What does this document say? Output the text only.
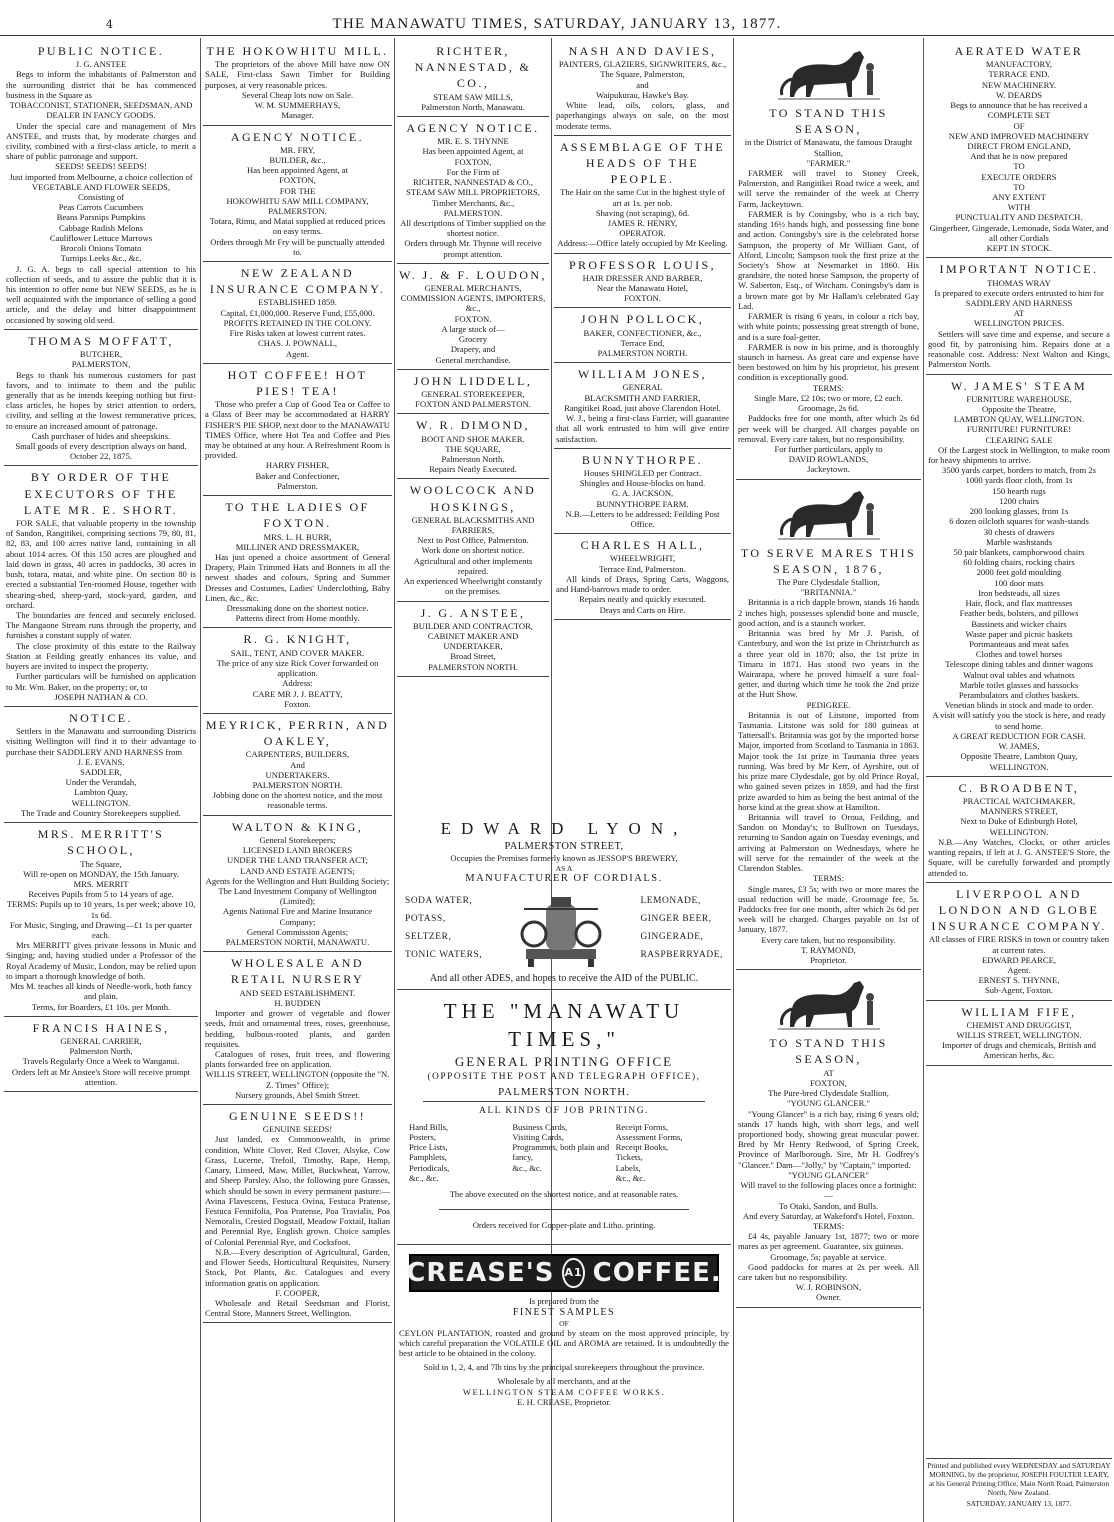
4	THE MANAWATU TIMES, SATURDAY, JANUARY 13, 1877.
PUBLIC NOTICE.
J. G. ANSTEE
Begs to inform the inhabitants of Palmerston and the surrounding district that he has commenced business in the Square as
TOBACCONIST, STATIONER, SEEDSMAN, AND DEALER IN FANCY GOODS.
Under the special care and management of Mrs ANSTEE, and trusts that, by moderate charges and civility, combined with a first-class article, to merit a share of public patronage and support.
SEEDS! SEEDS! SEEDS!
Just imported from Melbourne, a choice collection of
VEGETABLE AND FLOWER SEEDS,
Consisting of
Peas Carrots Cucumbers
Beans Parsnips Pumpkins
Cabbage Radish Melons
Cauliflower Lettuce Marrows
Brocoli Onions Tomato
Turnips Leeks &c., &c.
J. G. A. begs to call special attention to his collection of seeds, and to assure the public that it is his intention to offer none but NEW SEEDS, as he is well acquainted with the importance of selling a good article, and the delay and bitter disappointment occasioned by sowing old seed.
THOMAS MOFFATT,
BUTCHER,
PALMERSTON,
Begs to thank his numerous customers for past favors, and to intimate to them and the public generally that as he intends keeping nothing but first-class articles, he hopes by strict attention to orders, civility, and selling at the lowest remunerative prices, to ensure an increased amount of patronage.
Cash purchaser of hides and sheepskins.
Small goods of every description always on hand.
October 22, 1875.
BY ORDER OF THE EXECUTORS OF THE LATE MR. E. SHORT.
FOR SALE, that valuable property in the township of Sandon, Rangitikei, comprising sections 79, 80, 81, 82, 83, and 100 acres native land, containing in all about 1014 acres. Of this 150 acres are ploughed and laid down in grass, 40 acres in paddocks, 30 acres in bush, totara, matai, and white pine. On section 80 is erected a substantial Ten-roomed House, together with shearing-shed, sheep-yard, stock-yard, garden, and orchard.
The boundaries are fenced and securely enclosed. The Mangaone Stream runs through the property, and furnishes a constant supply of water.
The close proximity of this estate to the Railway Station at Feilding greatly enhances its value, and buyers are invited to inspect the property.
Further particulars will be furnished on application to Mr. Wm. Baker, on the property; or, to
JOSEPH NATHAN & CO.
NOTICE.
Settlers in the Manawatu and surrounding Districts visiting Wellington will find it to their advantage to purchase their SADDLERY AND HARNESS from
J. E. EVANS,
SADDLER,
Under the Verandah,
Lambton Quay,
WELLINGTON.
The Trade and Country Storekeepers supplied.
MRS. MERRITT'S SCHOOL,
The Square,
Will re-open on MONDAY, the 15th January.
MRS. MERRIT
Receives Pupils from 5 to 14 years of age.
TERMS: Pupils up to 10 years, 1s per week; above 10, 1s 6d.
For Music, Singing, and Drawing—£1 1s per quarter each.
Mrs MERRITT gives private lessons in Music and Singing; and, having studied under a Professor of the Royal Academy of Music, London, may be relied upon to impart a thorough knowledge of both.
Mrs M. teaches all kinds of Needle-work, both fancy and plain.
Terms, for Boarders, £1 10s. per Month.
FRANCIS HAINES,
GENERAL CARRIER,
Palmerston North,
Travels Regularly Once a Week to Wanganui.
Orders left at Mr Anstee's Store will receive prompt attention.
THE HOKOWHITU MILL.
The proprietors of the above Mill have now ON SALE, First-class Sawn Timber for Building purposes, at very reasonable prices.
Several Cheap lots now on Sale.
W. M. SUMMERHAYS,
Manager.
AGENCY NOTICE.
MR. FRY,
BUILDER, &c.,
Has been appointed Agent, at
FOXTON,
FOR THE
HOKOWHITU SAW MILL COMPANY,
PALMERSTON.
Totara, Rimu, and Matai supplied at reduced prices on easy terms.
Orders through Mr Fry will be punctually attended to.
NEW ZEALAND INSURANCE COMPANY.
ESTABLISHED 1859.
Capital, £1,000,000. Reserve Fund, £55,000.
PROFITS RETAINED IN THE COLONY.
Fire Risks taken at lowest current rates.
CHAS. J. POWNALL,
Agent.
HOT COFFEE! HOT PIES! TEA!
Those who prefer a Cup of Good Tea or Coffee to a Glass of Beer may be accommodated at HARRY FISHER'S PIE SHOP, next door to the MANAWATU TIMES Office, where Hot Tea and Coffee and Pies may be obtained at any hour. A Refreshment Room is provided.
HARRY FISHER,
Baker and Confectioner,
Palmerston.
TO THE LADIES OF FOXTON.
MRS. L. H. BURR,
MILLINER AND DRESSMAKER,
Has just opened a choice assortment of General Drapery, Plain Trimmed Hats and Bonnets in all the newest shades and colours, Spring and Summer Dresses and Costumes, Ladies' Underclothing, Baby Linen, &c., &c.
Dressmaking done on the shortest notice.
Patterns direct from Home monthly.
R. G. KNIGHT,
SAIL, TENT, AND COVER MAKER.
The price of any size Rick Cover forwarded on application.
Address:
CARE MR J. J. BEATTY,
Foxton.
MEYRICK, PERRIN, AND OAKLEY,
CARPENTERS, BUILDERS,
And
UNDERTAKERS.
PALMERSTON NORTH.
Jobbing done on the shortest notice, and the most reasonable terms.
WALTON & KING,
General Storekeepers;
LICENSED LAND BROKERS
UNDER THE LAND TRANSFER ACT;
LAND AND ESTATE AGENTS;
Agents for the Wellington and Hutt Building Society;
The Land Investment Company of Wellington (Limited);
Agents National Fire and Marine Insurance Company;
General Commission Agents;
PALMERSTON NORTH, MANAWATU.
WHOLESALE AND RETAIL NURSERY
AND SEED ESTABLISHMENT.
H. BUDDEN
Importer and grower of vegetable and flower seeds, fruit and ornamental trees, roses, greenhouse, bedding, bulbous-rooted plants, and garden requisites.
Catalogues of roses, fruit trees, and flowering plants forwarded free on application.
WILLIS STREET, WELLINGTON (opposite the "N. Z. Times" Office);
Nursery grounds, Abel Smith Street.
GENUINE SEEDS!!
GENUINE SEEDS!
Just landed, ex Commonwealth, in prime condition, White Clover, Red Clover, Alsyke, Cow Grass, Lucerne, Trefoil, Timothy, Rape, Hemp, Canary, Linseed, Maw, Millet, Buckwheat, Yarrow, and Sheep Parsley. Also, the following pure Grasses, which should be sown in every permanent pasture:—Avina Flavescens, Festuca Ovina, Festuca Pratense, Festuca Fennifolia, Poa Pratense, Poa Travialis, Poa Nemoralis, Crested Dogstail, Meadow Foxtail, Italian and Perennial Rye, English grown. Choice samples of Colonial Perennial Rye, and Cocksfoot.
N.B.—Every description of Agricultural, Garden, and Flower Seeds, Horticultural Requisites, Nursery Stock, Pot Plants, &c. Catalogues and every information gratis on application.
F. COOPER,
Wholesale and Retail Seedsman and Florist, Central Store, Manners Street, Wellington.
RICHTER, NANNESTAD, & CO.,
STEAM SAW MILLS,
Palmerston North, Manawatu.
AGENCY NOTICE.
MR. E. S. THYNNE
Has been appointed Agent, at
FOXTON,
For the Firm of
RICHTER, NANNESTAD & CO.,
STEAM SAW MILL PROPRIETORS,
Timber Merchants, &c.,
PALMERSTON.
All descriptions of Timber supplied on the shortest notice.
Orders through Mr. Thynne will receive prompt attention.
W. J. & F. LOUDON,
GENERAL MERCHANTS,
COMMISSION AGENTS, IMPORTERS, &c.,
FOXTON.
A large stock of—
Grocery
Drapery, and
General merchandise.
JOHN LIDDELL,
GENERAL STOREKEEPER,
FOXTON AND PALMERSTON.
W. R. DIMOND,
BOOT AND SHOE MAKER.
THE SQUARE,
Palmerston North.
Repairs Neatly Executed.
WOOLCOCK AND HOSKINGS,
GENERAL BLACKSMITHS AND FARRIERS,
Next to Post Office, Palmerston.
Work done on shortest notice.
Agricultural and other implements repaired.
An experienced Wheelwright constantly on the premises.
J. G. ANSTEE,
BUILDER AND CONTRACTOR,
CABINET MAKER AND UNDERTAKER,
Broad Street,
PALMERSTON NORTH.
NASH AND DAVIES,
PAINTERS, GLAZIERS, SIGNWRITERS, &c.,
The Square, Palmerston,
and
Waipukurau, Hawke's Bay.
White lead, oils, colors, glass, and paperhangings always on sale, on the most moderate terms.
ASSEMBLAGE OF THE HEADS OF THE PEOPLE.
The Hair on the same Cut in the highest style of art at 1s. per nob.
Shaving (not scraping), 6d.
JAMES R. HENRY,
OPERATOR.
Address:—Office lately occupied by Mr Keeling.
PROFESSOR LOUIS,
HAIR DRESSER AND BARBER,
Near the Manawatu Hotel,
FOXTON.
JOHN POLLOCK,
BAKER, CONFECTIONER, &c.,
Terrace End,
PALMERSTON NORTH.
WILLIAM JONES,
GENERAL
BLACKSMITH AND FARRIER,
Rangitikei Road, just above Clarendon Hotel.
W. J., being a first-class Farrier, will guarantee that all work entrusted to him will give entire satisfaction.
BUNNYTHORPE.
Houses SHINGLED per Contract.
Shingles and House-blocks on hand.
G. A. JACKSON,
BUNNYTHORPE FARM.
N.B.—Letters to be addressed: Feilding Post Office.
CHARLES HALL,
WHEELWRIGHT,
Terrace End, Palmerston.
All kinds of Drays, Spring Carts, Waggons, and Hand-barrows made to order.
Repairs neatly and quickly executed.
Drays and Carts on Hire.
EDWARD LYON,
PALMERSTON STREET,
Occupies the Premises formerly known as JESSOP'S BREWERY,
AS A
MANUFACTURER OF CORDIALS.
SODA WATER,
POTASS,
SELTZER,
TONIC WATERS,
LEMONADE,
GINGER BEER,
GINGERADE,
RASPBERRYADE,
And all other ADES, and hopes to receive the AID of the PUBLIC.
THE "MANAWATU TIMES,"
GENERAL PRINTING OFFICE
(OPPOSITE THE POST AND TELEGRAPH OFFICE),
PALMERSTON NORTH.
ALL KINDS OF JOB PRINTING.
Hand Bills,
Posters,
Price Lists,
Pamphlets,
Periodicals,
&c., &c.
Business Cards,
Visiting Cards,
Programmes, both plain and fancy,
&c., &c.
Receipt Forms,
Assessment Forms,
Receipt Books,
Tickets,
Labels,
&c., &c.
The above executed on the shortest notice, and at reasonable rates.
Orders received for Copper-plate and Litho. printing.
CREASE'S A1 COFFEE.
Is prepared from the
FINEST SAMPLES
OF
CEYLON PLANTATION, roasted and ground by steam on the most approved principle, by which careful preparation the VOLATILE OIL and AROMA are retained. It is undoubtedly the best article to be obtained in the colony.
Sold in 1, 2, 4, and 7lb tins by the principal storekeepers throughout the province.
Wholesale by all merchants, and at the
WELLINGTON STEAM COFFEE WORKS.
E. H. CREASE, Proprietor.
TO STAND THIS SEASON,
in the District of Manawatu, the famous Draught Stallion,
"FARMER."
FARMER will travel to Stoney Creek, Palmerston, and Rangitikei Road twice a week, and will serve the remainder of the week at Cherry Farm, Jackeytown.
FARMER is by Coningsby, who is a rich bay, standing 16½ hands high, and possessing fine bone and action. Coningsby's sire is the celebrated horse Sampson, the property of Mr William Gant, of Alford, Lincoln; Sampson took the first prize at the Society's Show at Newmarket in 1860. His grandsire, the noted horse Sampson, the property of W. Saberton, Esq., of Witcham. Coningsby's dam is a brown mare got by Mr Hallam's celebrated Gay Lad.
FARMER is rising 6 years, in colour a rich bay, with white points; possessing great strength of bone, and is a sure foal-getter.
FARMER is now in his prime, and is thoroughly staunch in harness. As great care and expense have been bestowed on him by his proprietor, his present condition is exceptionally good.
TERMS:
Single Mare, £2 10s; two or more, £2 each. Groomage, 2s 6d.
Paddocks free for one month, after which 2s 6d per week will be charged. All charges payable on removal. Every care taken, but no responsibility.
For further particulars, apply to
DAVID ROWLANDS,
Jackeytown.
TO SERVE MARES THIS SEASON, 1876,
The Pure Clydesdale Stallion,
"BRITANNIA."
Britannia is a rich dapple brown, stands 16 hands 2 inches high, possesses splendid bone and muscle, good action, and is a staunch worker.
Britannia was bred by Mr J. Parish, of Canterbury, and won the 1st prize in Christchurch as a three year old in 1870; also, the 1st prize in Timaru in 1871. Has stood two years in the Wairarapa, where he proved himself a sure foal-getter, and during which time he took the 2nd prize at the Hutt Show.
PEDIGREE.
Britannia is out of Litstone, imported from Tasmania. Litstone was sold for 180 guineas at Tattersall's. Britannia was got by the imported horse Major, imported from Scotland to Tasmania in 1863. Major took the 1st prize in Tasmania three years running. Was bred by Mr Kerr, of Ayrshire, out of his prize mare Clydesdale, got by old Prince Royal, who gained seven prizes in 1859, and had the first prize awarded to him as being the best animal of the horse kind at the great show at Hamilton.
Britannia will travel to Oroua, Feilding, and Sandon on Monday's; to Bulltown on Tuesdays, returning to Sandon again on Tuesday evenings, and arriving at Palmerston on Wednesdays, where he will serve for the remainder of the week at the Clarendon Stables.
TERMS:
Single mares, £3 5s; with two or more mares the usual reduction will be made. Groomage fee, 5s. Paddocks free for one month, after which 2s 6d per week will be charged. Charges payable on 1st of January, 1877.
Every care taken, but no responsibility.
T. RAYMOND,
Proprietor.
TO STAND THIS SEASON,
AT
FOXTON,
The Pure-bred Clydesdale Stallion,
"YOUNG GLANCER."
"Young Glancer" is a rich bay, rising 6 years old; stands 17 hands high, with short legs, and well proportioned body, showing great muscular power. Bred by Mr Henry Redwood, of Spring Creek, Province of Marlborough. Sire, Mr H. Godfrey's "Glancer." Dam—"Jolly," by "Captain," imported.
"YOUNG GLANCER"
Will travel to the following places once a fortnight:—
To Otaki, Sandon, and Bulls.
And every Saturday, at Wakeford's Hotel, Foxton.
TERMS:
£4 4s, payable January 1st, 1877; two or more mares as per agreement. Guarantee, six guineas.
Groomage, 5s; payable at service.
Good paddocks for mares at 2s per week. All care taken but no responsibility.
W. J. ROBINSON,
Owner.
AERATED WATER
MANUFACTORY,
TERRACE END.
NEW MACHINERY.
W. DEARDS
Begs to announce that he has received a
COMPLETE SET
OF
NEW AND IMPROVED MACHINERY
DIRECT FROM ENGLAND,
And that he is now prepared
TO
EXECUTE ORDERS
TO
ANY EXTENT
WITH
PUNCTUALITY AND DESPATCH.
Gingerbeer, Gingerade, Lemonade, Soda Water, and all other Cordials
KEPT IN STOCK.
IMPORTANT NOTICE.
THOMAS WRAY
Is prepared to execute orders entrusted to him for
SADDLERY AND HARNESS
AT
WELLINGTON PRICES.
Settlers will save time and expense, and secure a good fit, by patronising him. Repairs done at a reasonable cost. Address: Next Walton and Kings, Palmerston North.
W. JAMES' STEAM
FURNITURE WAREHOUSE,
Opposite the Theatre,
LAMBTON QUAY, WELLINGTON.
FURNITURE! FURNITURE!
CLEARING SALE
Of the Largest stock in Wellington, to make room for heavy shipments to arrive.
3500 yards carpet, borders to match, from 2s
1000 yards floor cloth, from 1s
150 hearth rugs
1200 chairs
200 looking glasses, from 1s
6 dozen oilcloth squares for wash-stands
30 chests of drawers
Marble washstands
50 pair blankets, camphorwood chairs
60 folding chairs, rocking chairs
2000 feet gold moulding
100 door mats
Iron bedsteads, all sizes
Hair, flock, and flax mattresses
Feather beds, bolsters, and pillows
Bassinets and wicker chairs
Waste paper and picnic baskets
Portmanteaus and meat safes
Clothes and towel horses
Telescope dining tables and dinner wagons
Walnut oval tables and whatnots
Marble toilet glasses and hassocks
Perambulators and clothes baskets.
Venetian blinds in stock and made to order.
A visit will satisfy you the stock is here, and ready to send home.
A GREAT REDUCTION FOR CASH.
W. JAMES,
Opposite Theatre, Lambton Quay,
WELLINGTON.
C. BROADBENT,
PRACTICAL WATCHMAKER,
MANNERS STREET,
Next to Duke of Edinburgh Hotel,
WELLINGTON.
N.B.—Any Watches, Clocks, or other articles wanting repairs, if left at J. G. ANSTEE'S Store, the Square, will be carefully forwarded and promptly attended to.
LIVERPOOL AND LONDON AND GLOBE INSURANCE COMPANY.
All classes of FIRE RISKS in town or country taken at current rates.
EDWARD PEARCE,
Agent.
ERNEST S. THYNNE,
Sub-Agent, Foxton.
WILLIAM FIFE,
CHEMIST AND DRUGGIST,
WILLIS STREET, WELLINGTON.
Importer of drugs and chemicals, British and American herbs, &c.
Printed and published every WEDNESDAY and SATURDAY MORNING, by the proprietor, JOSEPH FOULTER LEARY, at his General Printing Office, Main North Road, Palmerston North, New Zealand.
SATURDAY, JANUARY 13, 1877.
